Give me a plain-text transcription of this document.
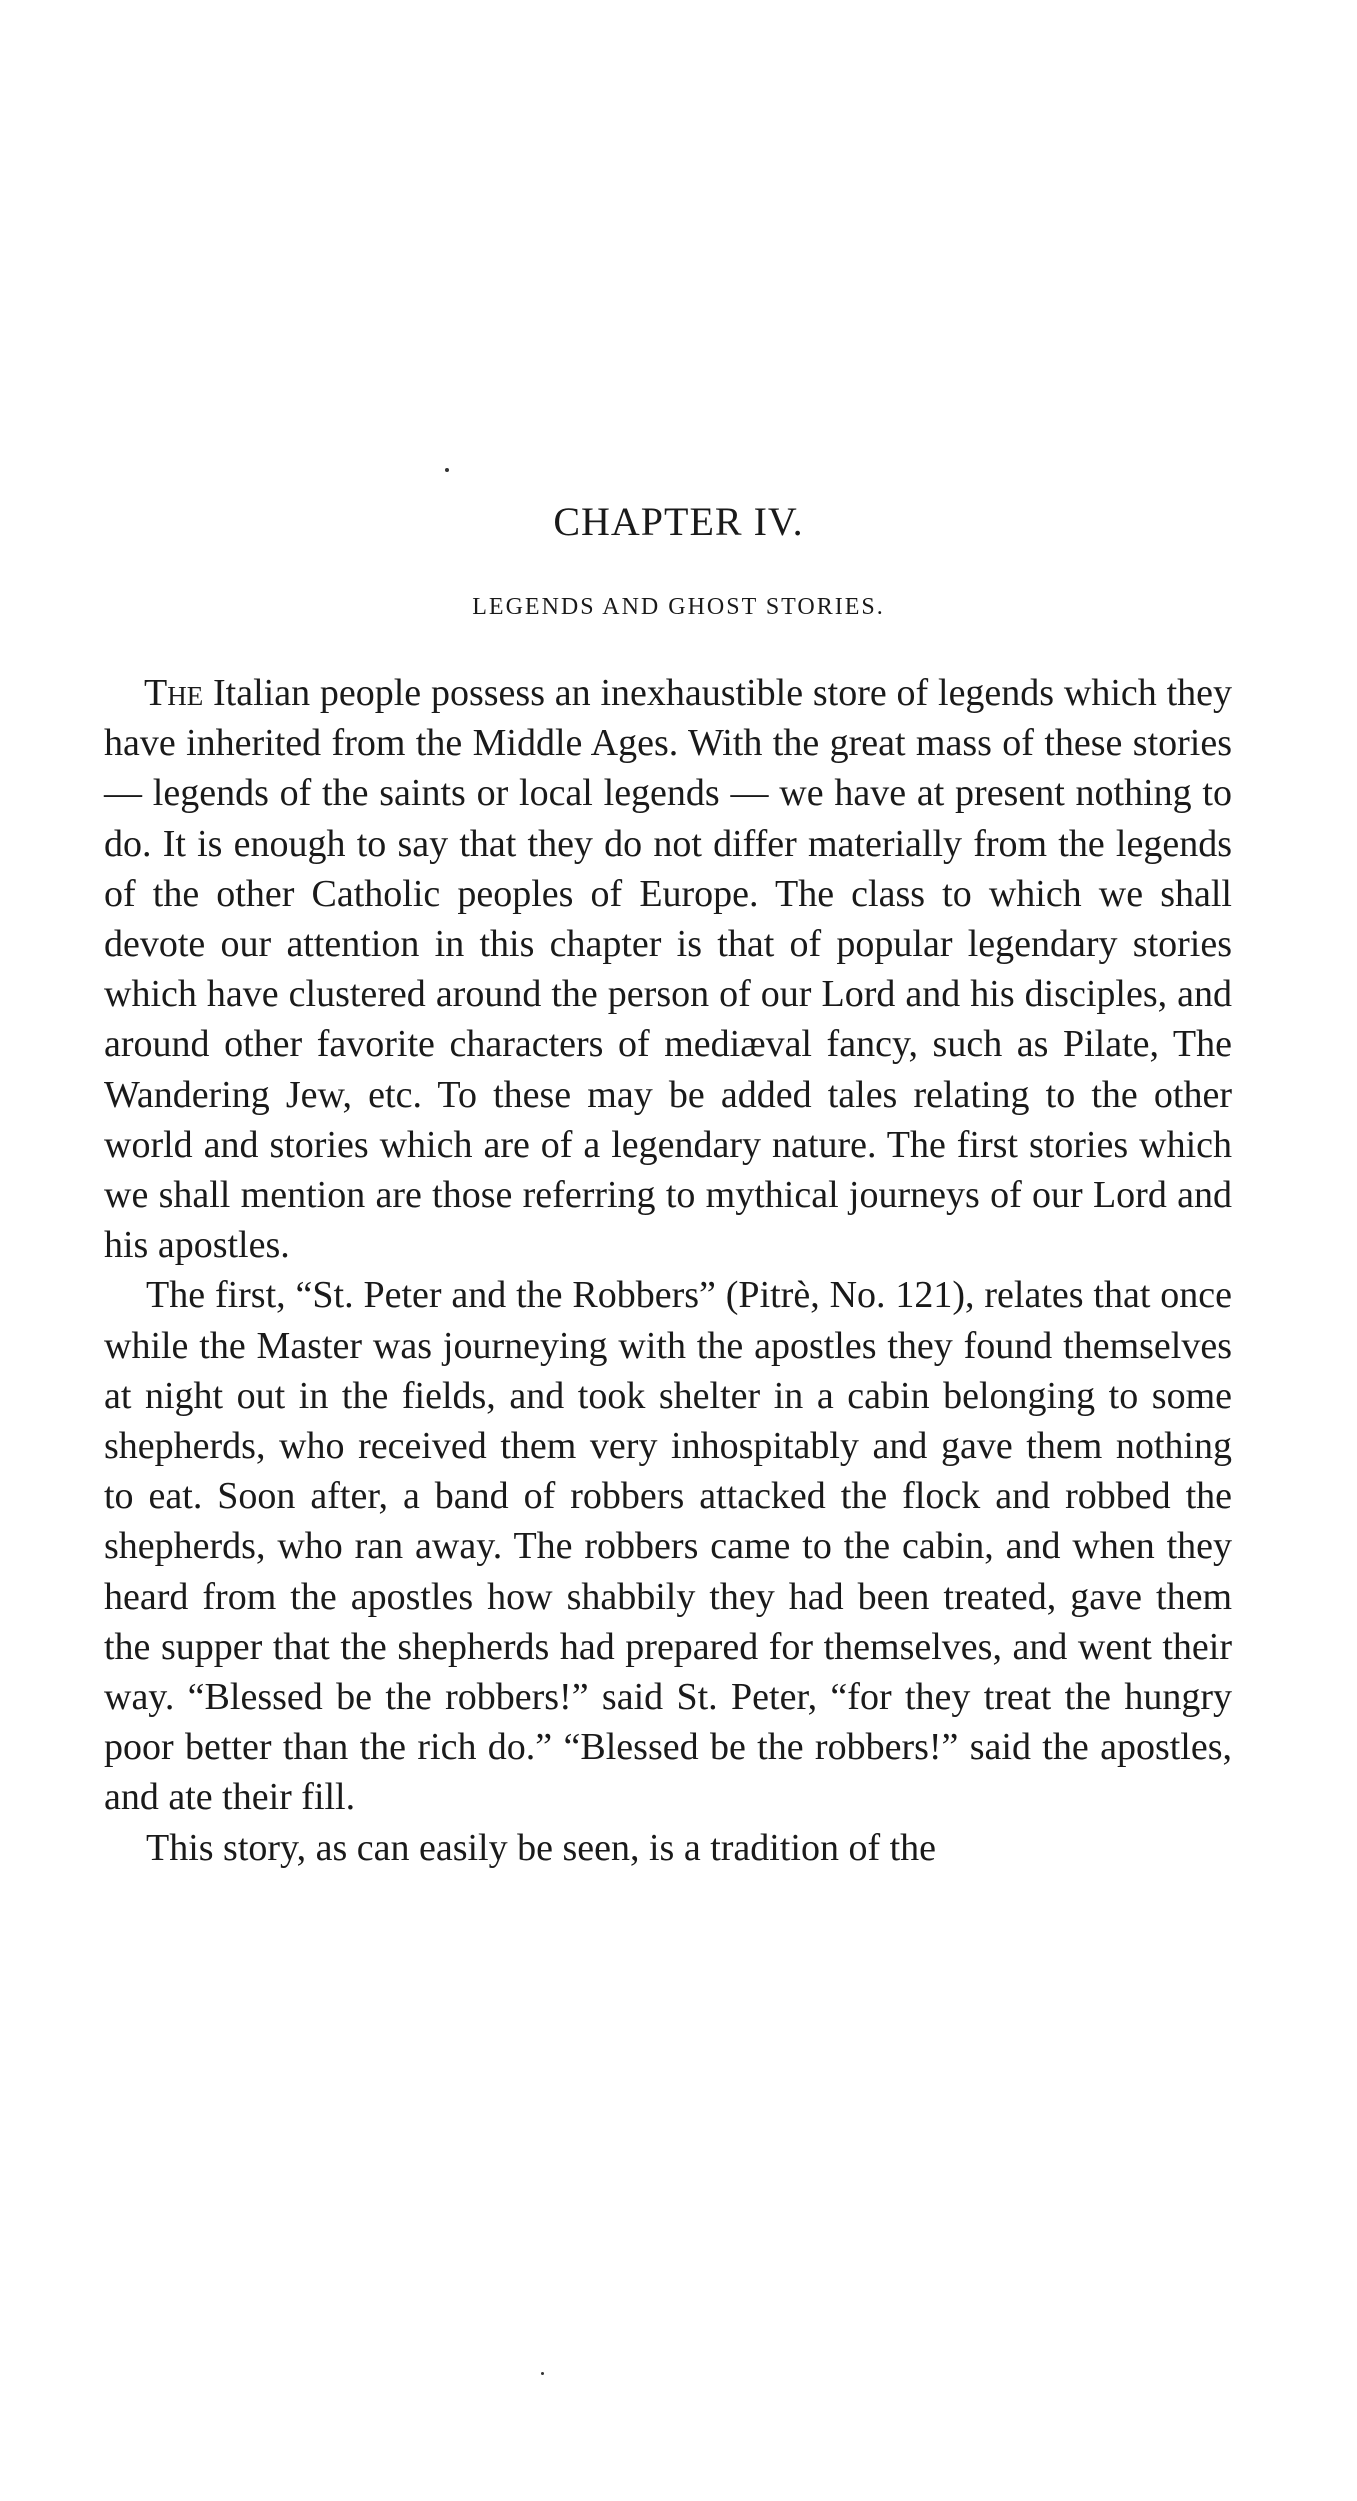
CHAPTER IV.
LEGENDS AND GHOST STORIES.

The Italian people possess an inexhaustible store of legends which they have inherited from the Middle Ages. With the great mass of these stories — legends of the saints or local legends — we have at present nothing to do. It is enough to say that they do not differ materially from the legends of the other Catholic peoples of Europe. The class to which we shall devote our attention in this chapter is that of popular legendary stories which have clustered around the person of our Lord and his disciples, and around other favorite characters of mediæval fancy, such as Pilate, The Wandering Jew, etc. To these may be added tales relating to the other world and stories which are of a legendary nature. The first stories which we shall mention are those referring to mythical journeys of our Lord and his apostles.

The first, “St. Peter and the Robbers” (Pitrè, No. 121), relates that once while the Master was journeying with the apostles they found themselves at night out in the fields, and took shelter in a cabin belonging to some shepherds, who received them very inhospitably and gave them nothing to eat. Soon after, a band of robbers attacked the flock and robbed the shepherds, who ran away. The robbers came to the cabin, and when they heard from the apostles how shabbily they had been treated, gave them the supper that the shepherds had prepared for themselves, and went their way. “Blessed be the robbers!” said St. Peter, “for they treat the hungry poor better than the rich do.” “Blessed be the robbers!” said the apostles, and ate their fill.

This story, as can easily be seen, is a tradition of the
